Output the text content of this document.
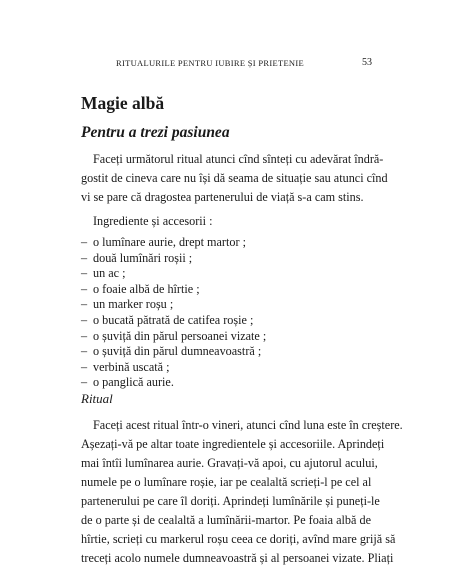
RITUALURILE PENTRU IUBIRE ȘI PRIETENIE	53
Magie albă
Pentru a trezi pasiunea

Faceți următorul ritual atunci cînd sînteți cu adevărat îndră-
gostit de cineva care nu își dă seama de situație sau atunci cînd
vi se pare că dragostea partenerului de viață s-a cam stins.

Ingrediente și accesorii :
– o lumînare aurie, drept martor ;
– două lumînări roșii ;
– un ac ;
– o foaie albă de hîrtie ;
– un marker roșu ;
– o bucată pătrată de catifea roșie ;
– o șuviță din părul persoanei vizate ;
– o șuviță din părul dumneavoastră ;
– verbină uscată ;
– o panglică aurie.
Ritual

Faceți acest ritual într-o vineri, atunci cînd luna este în creștere.
Așezați-vă pe altar toate ingredientele și accesoriile. Aprindeți
mai întîi lumînarea aurie. Gravați-vă apoi, cu ajutorul acului,
numele pe o lumînare roșie, iar pe cealaltă scrieți-l pe cel al
partenerului pe care îl doriți. Aprindeți lumînările și puneți-le
de o parte și de cealaltă a lumînării-martor. Pe foaia albă de
hîrtie, scrieți cu markerul roșu ceea ce doriți, avînd mare grijă să
treceți acolo numele dumneavoastră și al persoanei vizate. Pliați
